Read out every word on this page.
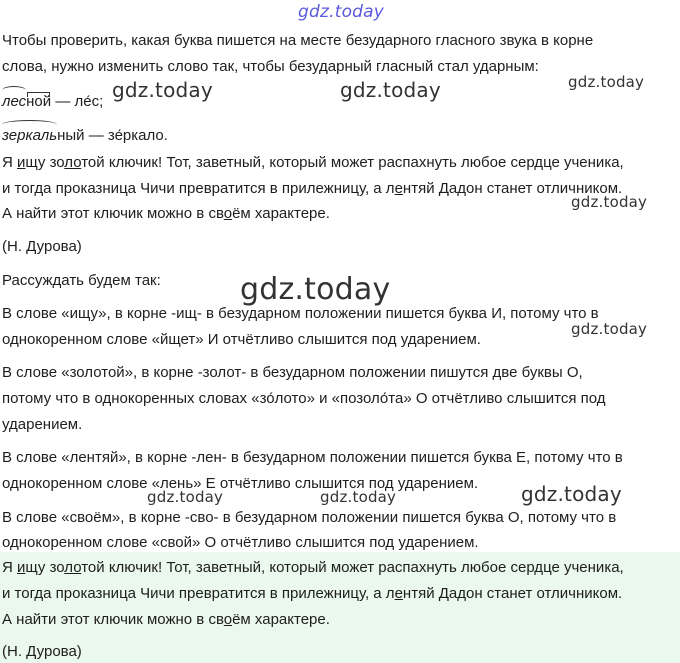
gdz.today
gdz.today	gdz.today	gdz.today
gdz.today
gdz.today
gdz.today
gdz.today
gdz.today	gdz.today
Чтобы проверить, какая буква пишется на месте безударного гласного звука в корне
слова, нужно изменить слово так, чтобы безударный гласный стал ударным:
лесной — ле́с;
зеркальный — зе́ркало.
Я ищу золотой ключик! Тот, заветный, который может распахнуть любое сердце ученика,
и тогда проказница Чичи превратится в прилежницу, а лентяй Дадон станет отличником.
А найти этот ключик можно в своём характере.
(Н. Дурова)
Рассуждать будем так:
В слове «ищу», в корне -ищ- в безударном положении пишется буква И, потому что в
однокоренном слове «йщет» И отчётливо слышится под ударением.
В слове «золотой», в корне -золот- в безударном положении пишутся две буквы О,
потому что в однокоренных словах «зо́лото» и «позоло́та» О отчётливо слышится под
ударением.
В слове «лентяй», в корне -лен- в безударном положении пишется буква Е, потому что в
однокоренном слове «лень» Е отчётливо слышится под ударением.
В слове «своём», в корне -сво- в безударном положении пишется буква О, потому что в
однокоренном слове «свой» О отчётливо слышится под ударением.
Я ищу золотой ключик! Тот, заветный, который может распахнуть любое сердце ученика,
и тогда проказница Чичи превратится в прилежницу, а лентяй Дадон станет отличником.
А найти этот ключик можно в своём характере.
(Н. Дурова)
